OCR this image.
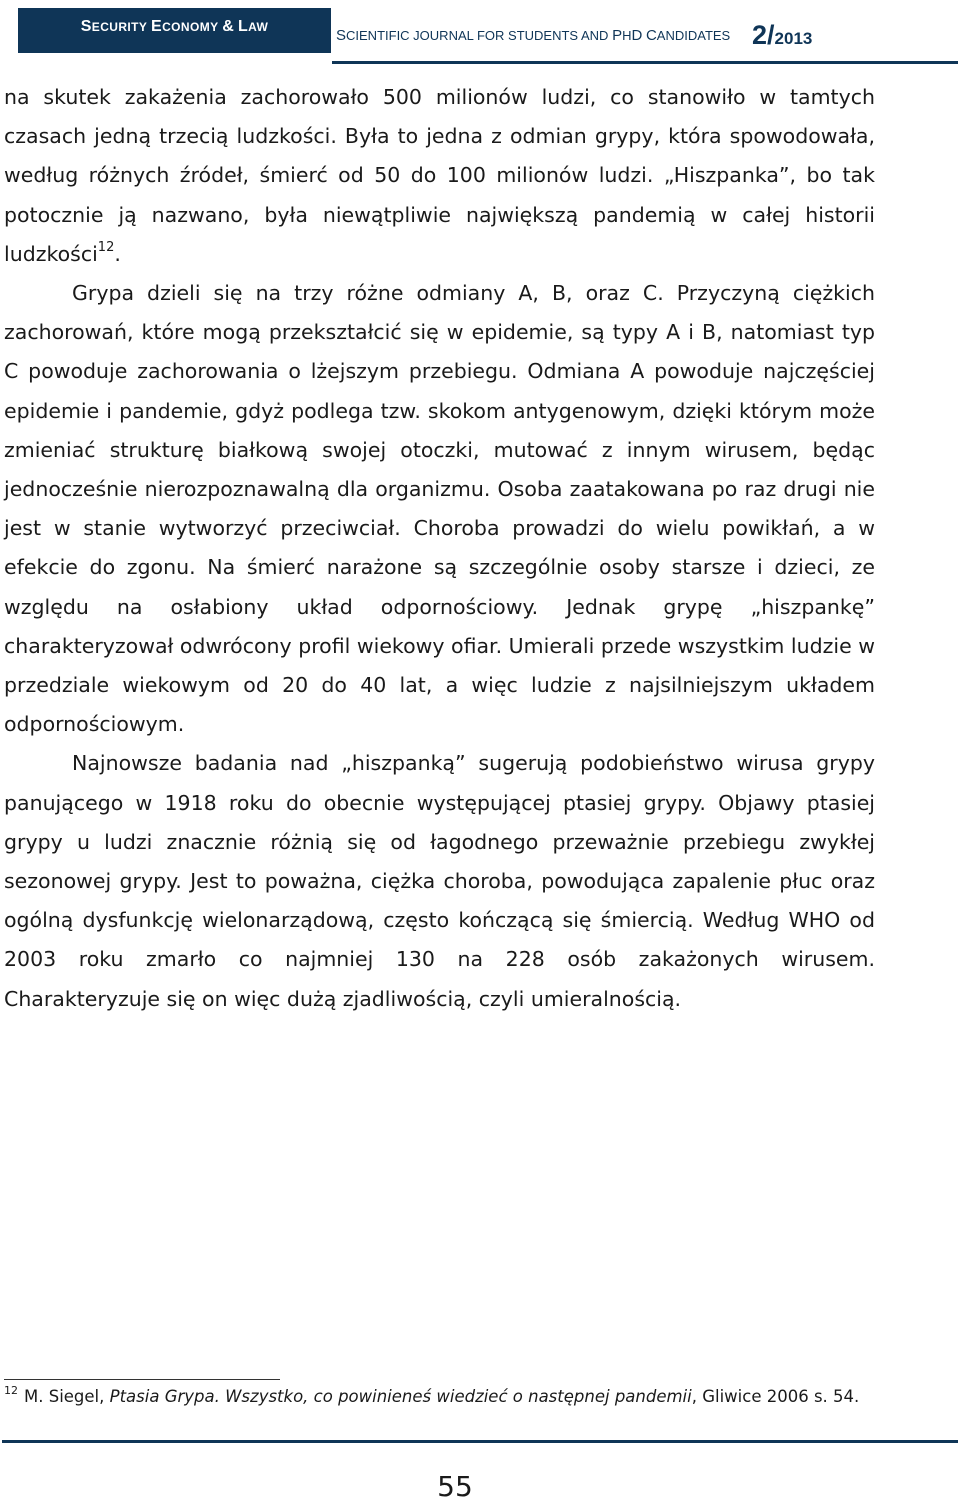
S ECURITY
E CONOMY
&
L AW
SCIENTIFIC JOURNAL FOR STUDENTS AND PHD CANDIDATES 2/2013

na skutek zakażenia zachorowało 500 milionów ludzi, co stanowiło w tamtych czasach jedną trzecią ludzkości. Była to jedna z odmian grypy, która spowodowała, według różnych źródeł, śmierć od 50 do 100 milionów ludzi. „Hiszpanka”, bo tak potocznie ją nazwano, była niewątpliwie największą pandemią w całej historii ludzkości$^{12}$.

Grypa dzieli się na trzy różne odmiany A, B, oraz C. Przyczyną ciężkich zachorowań, które mogą przekształcić się w epidemie, są typy A i B, natomiast typ C powoduje zachorowania o lżejszym przebiegu. Odmiana A powoduje najczęściej epidemie i pandemie, gdyż podlega tzw. skokom antygenowym, dzięki którym może zmieniać strukturę białkową swojej otoczki, mutować z innym wirusem, będąc jednocześnie nierozpoznawalną dla organizmu. Osoba zaatakowana po raz drugi nie jest w stanie wytworzyć przeciwciał. Choroba prowadzi do wielu powikłań, a w efekcie do zgonu. Na śmierć narażone są szczególnie osoby starsze i dzieci, ze względu na osłabiony układ odpornościowy. Jednak grypę „hiszpankę” charakteryzował odwrócony profil wiekowy ofiar. Umierali przede wszystkim ludzie w przedziale wiekowym od 20 do 40 lat, a więc ludzie z najsilniejszym układem odpornościowym.

Najnowsze badania nad „hiszpanką” sugerują podobieństwo wirusa grypy panującego w 1918 roku do obecnie występującej ptasiej grypy. Objawy ptasiej grypy u ludzi znacznie różnią się od łagodnego przeważnie przebiegu zwykłej sezonowej grypy. Jest to poważna, ciężka choroba, powodująca zapalenie płuc oraz ogólną dysfunkcję wielonarządową, często kończącą się śmiercią. Według WHO od 2003 roku zmarło co najmniej 130 na 228 osób zakażonych wirusem. Charakteryzuje się on więc dużą zjadliwością, czyli umieralnością.

$^{12}$ M. Siegel, Ptasia Grypa. Wszystko, co powinieneś wiedzieć o następnej pandemii, Gliwice 2006 s. 54.
55
